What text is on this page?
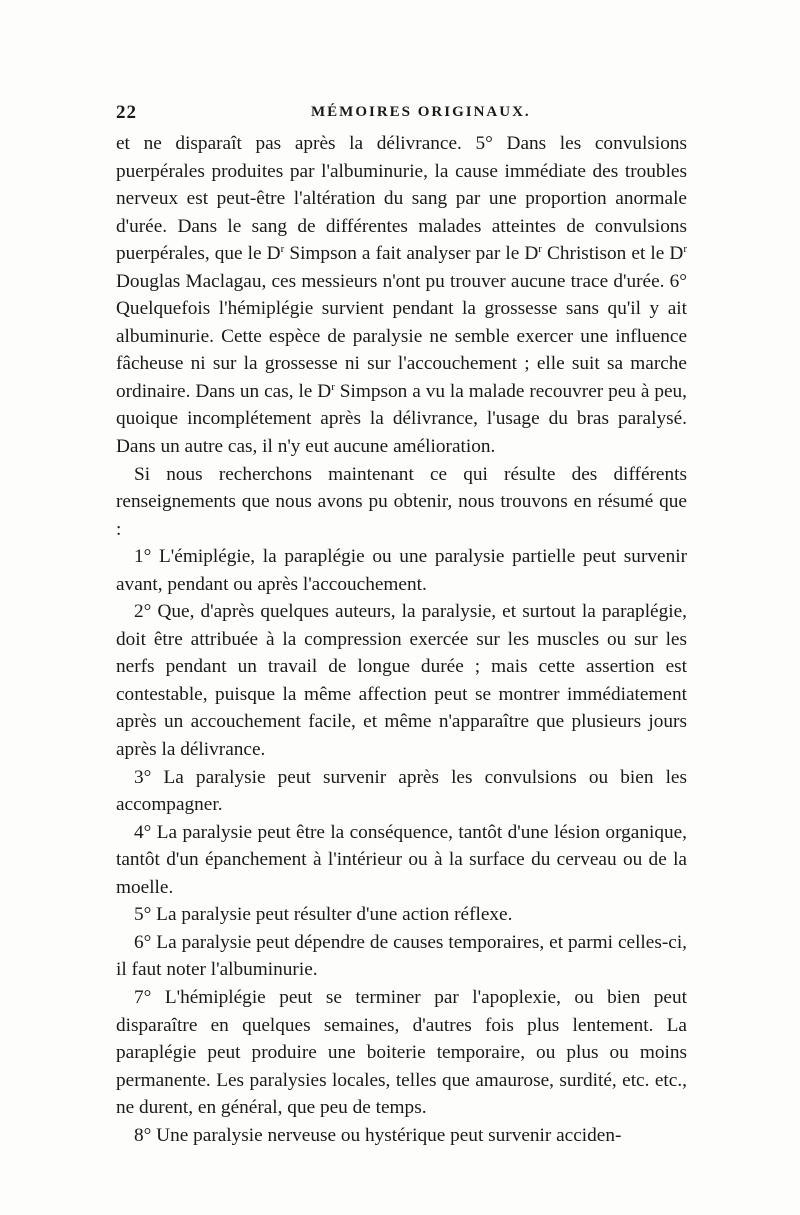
22	MÉMOIRES ORIGINAUX.

et ne disparaît pas après la délivrance. 5° Dans les convulsions puerpérales produites par l'albuminurie, la cause immédiate des troubles nerveux est peut-être l'altération du sang par une proportion anormale d'urée. Dans le sang de différentes malades atteintes de convulsions puerpérales, que le $D^r$ Simpson a fait analyser par le $D^r$ Christison et le $D^r$ Douglas Maclagau, ces messieurs n'ont pu trouver aucune trace d'urée. 6° Quelquefois l'hémiplégie survient pendant la grossesse sans qu'il y ait albuminurie. Cette espèce de paralysie ne semble exercer une influence fâcheuse ni sur la grossesse ni sur l'accouchement ; elle suit sa marche ordinaire. Dans un cas, le $D^r$ Simpson a vu la malade recouvrer peu à peu, quoique incomplétement après la délivrance, l'usage du bras paralysé. Dans un autre cas, il n'y eut aucune amélioration.

Si nous recherchons maintenant ce qui résulte des différents renseignements que nous avons pu obtenir, nous trouvons en résumé que :

1° L'émiplégie, la paraplégie ou une paralysie partielle peut survenir avant, pendant ou après l'accouchement.

2° Que, d'après quelques auteurs, la paralysie, et surtout la paraplégie, doit être attribuée à la compression exercée sur les muscles ou sur les nerfs pendant un travail de longue durée ; mais cette assertion est contestable, puisque la même affection peut se montrer immédiatement après un accouchement facile, et même n'apparaître que plusieurs jours après la délivrance.

3° La paralysie peut survenir après les convulsions ou bien les accompagner.

4° La paralysie peut être la conséquence, tantôt d'une lésion organique, tantôt d'un épanchement à l'intérieur ou à la surface du cerveau ou de la moelle.

5° La paralysie peut résulter d'une action réflexe.

6° La paralysie peut dépendre de causes temporaires, et parmi celles-ci, il faut noter l'albuminurie.

7° L'hémiplégie peut se terminer par l'apoplexie, ou bien peut disparaître en quelques semaines, d'autres fois plus lentement. La paraplégie peut produire une boiterie temporaire, ou plus ou moins permanente. Les paralysies locales, telles que amaurose, surdité, etc. etc., ne durent, en général, que peu de temps.

8° Une paralysie nerveuse ou hystérique peut survenir acciden-
